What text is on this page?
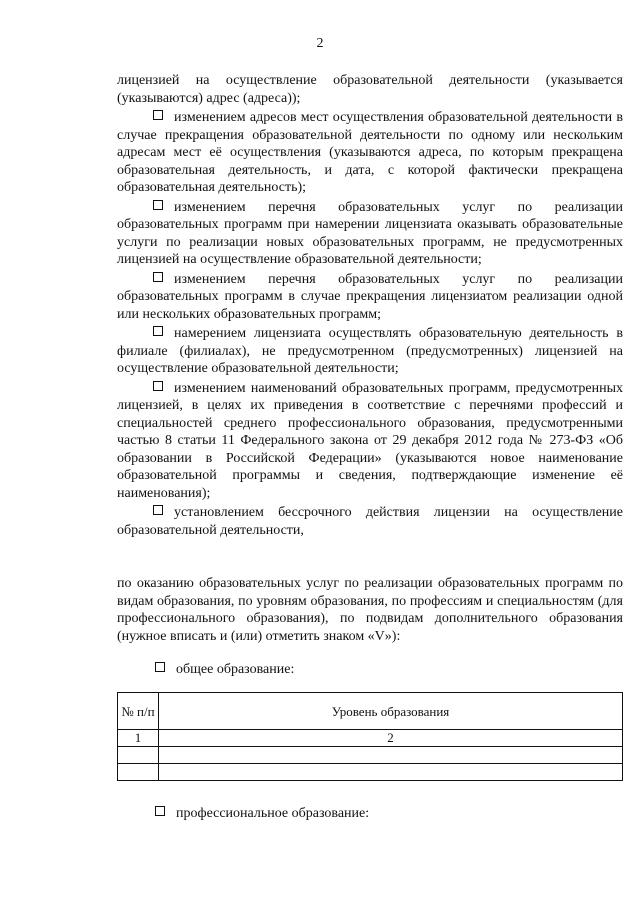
2

лицензией на осуществление образовательной деятельности (указывается (указываются) адрес (адреса));

изменением адресов мест осуществления образовательной деятельности в случае прекращения образовательной деятельности по одному или нескольким адресам мест её осуществления (указываются адреса, по которым прекращена образовательная деятельность, и дата, с которой фактически прекращена образовательная деятельность);

изменением перечня образовательных услуг по реализации образовательных программ при намерении лицензиата оказывать образовательные услуги по реализации новых образовательных программ, не предусмотренных лицензией на осуществление образовательной деятельности;

изменением перечня образовательных услуг по реализации образовательных программ в случае прекращения лицензиатом реализации одной или нескольких образовательных программ;

намерением лицензиата осуществлять образовательную деятельность в филиале (филиалах), не предусмотренном (предусмотренных) лицензией на осуществление образовательной деятельности;

изменением наименований образовательных программ, предусмотренных лицензией, в целях их приведения в соответствие с перечнями профессий и специальностей среднего профессионального образования, предусмотренными частью 8 статьи 11 Федерального закона от 29 декабря 2012 года № 273-ФЗ «Об образовании в Российской Федерации» (указываются новое наименование образовательной программы и сведения, подтверждающие изменение её наименования);

установлением бессрочного действия лицензии на осуществление образовательной деятельности,

по оказанию образовательных услуг по реализации образовательных программ по видам образования, по уровням образования, по профессиям и специальностям (для профессионального образования), по подвидам дополнительного образования (нужное вписать и (или) отметить знаком «V»):

общее образование:
№ п/п	Уровень образования
1	2

профессиональное образование:
